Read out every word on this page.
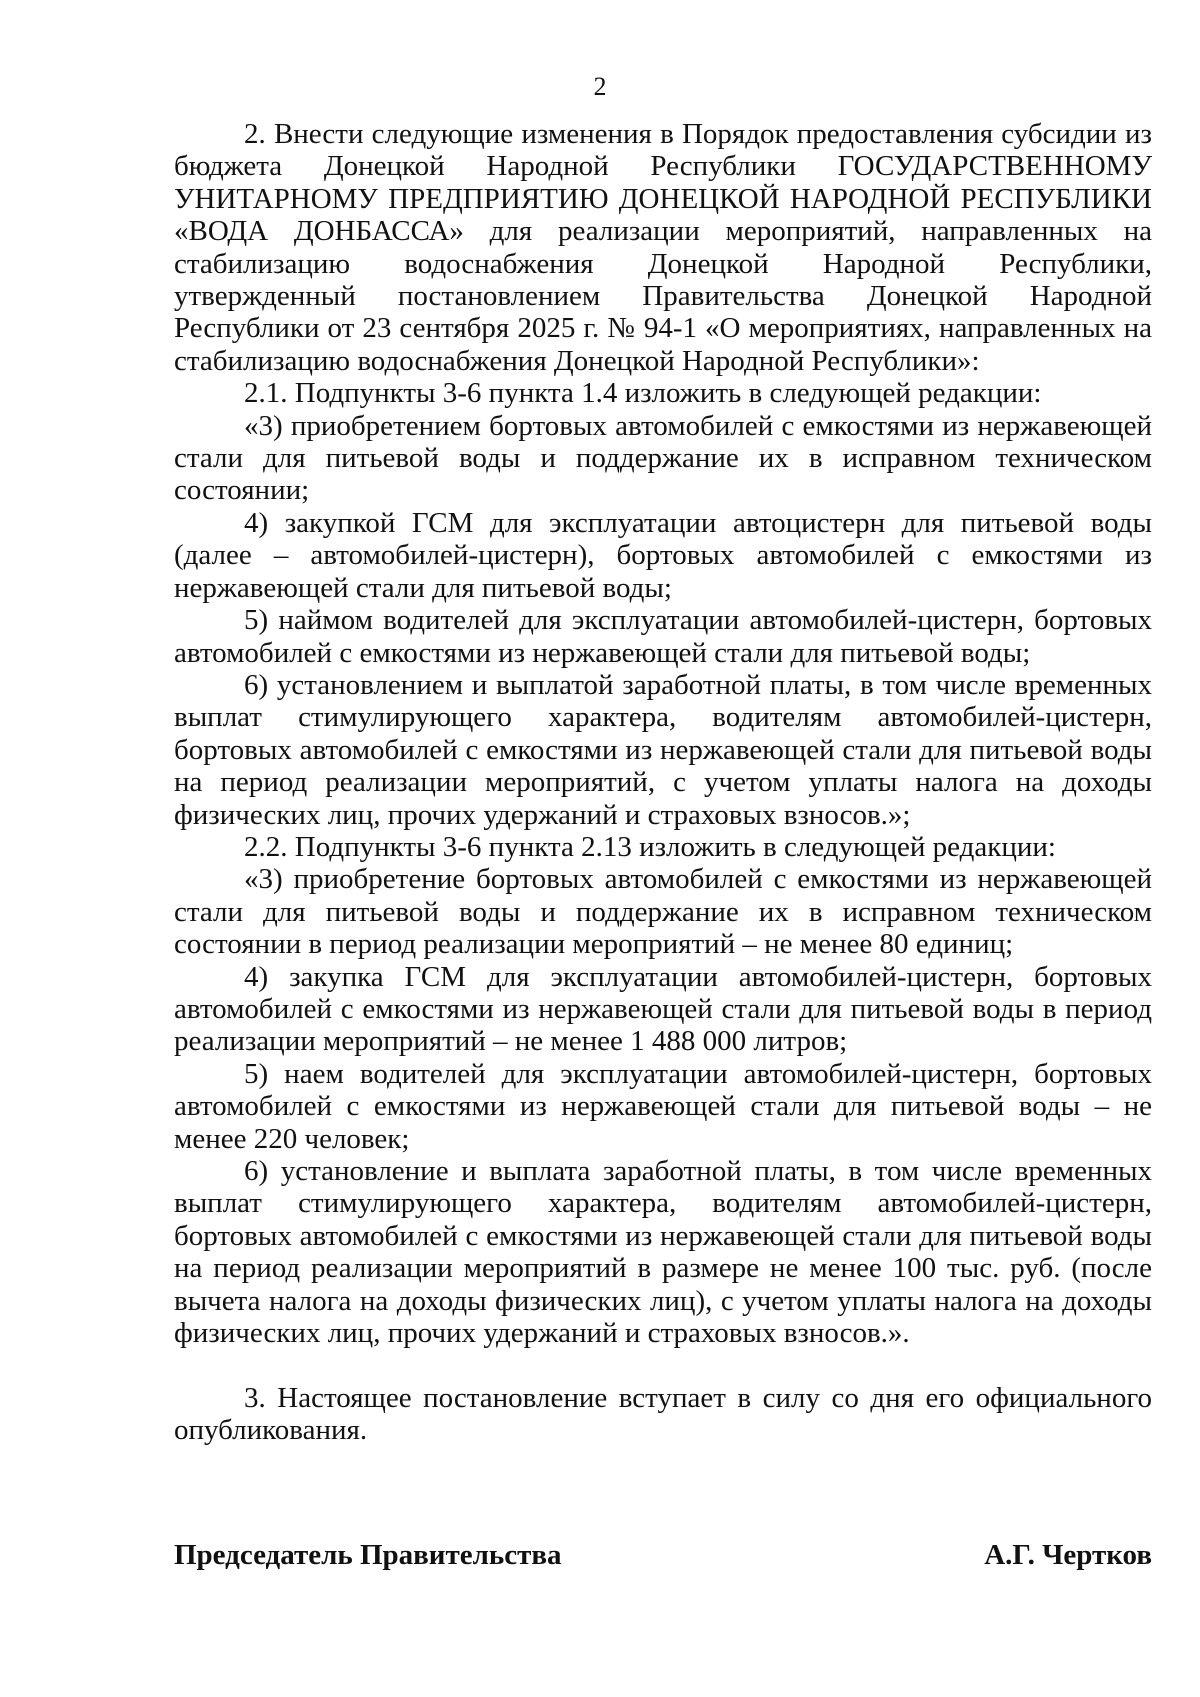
2

2. Внести следующие изменения в Порядок предоставления субсидии из бюджета Донецкой Народной Республики ГОСУДАРСТВЕННОМУ УНИТАРНОМУ ПРЕДПРИЯТИЮ ДОНЕЦКОЙ НАРОДНОЙ РЕСПУБЛИКИ «ВОДА ДОНБАССА» для реализации мероприятий, направленных на стабилизацию водоснабжения Донецкой Народной Республики, утвержденный постановлением Правительства Донецкой Народной Республики от 23 сентября 2025 г. № 94-1 «О мероприятиях, направленных на стабилизацию водоснабжения Донецкой Народной Республики»:

2.1. Подпункты 3-6 пункта 1.4 изложить в следующей редакции:

«3) приобретением бортовых автомобилей с емкостями из нержавеющей стали для питьевой воды и поддержание их в исправном техническом состоянии;

4) закупкой ГСМ для эксплуатации автоцистерн для питьевой воды (далее – автомобилей-цистерн), бортовых автомобилей с емкостями из нержавеющей стали для питьевой воды;

5) наймом водителей для эксплуатации автомобилей-цистерн, бортовых автомобилей с емкостями из нержавеющей стали для питьевой воды;

6) установлением и выплатой заработной платы, в том числе временных выплат стимулирующего характера, водителям автомобилей-цистерн, бортовых автомобилей с емкостями из нержавеющей стали для питьевой воды на период реализации мероприятий, с учетом уплаты налога на доходы физических лиц, прочих удержаний и страховых взносов.»;

2.2. Подпункты 3-6 пункта 2.13 изложить в следующей редакции:

«3) приобретение бортовых автомобилей с емкостями из нержавеющей стали для питьевой воды и поддержание их в исправном техническом состоянии в период реализации мероприятий – не менее 80 единиц;

4) закупка ГСМ для эксплуатации автомобилей-цистерн, бортовых автомобилей с емкостями из нержавеющей стали для питьевой воды в период реализации мероприятий – не менее 1 488 000 литров;

5) наем водителей для эксплуатации автомобилей-цистерн, бортовых автомобилей с емкостями из нержавеющей стали для питьевой воды – не менее 220 человек;

6) установление и выплата заработной платы, в том числе временных выплат стимулирующего характера, водителям автомобилей-цистерн, бортовых автомобилей с емкостями из нержавеющей стали для питьевой воды на период реализации мероприятий в размере не менее 100 тыс. руб. (после вычета налога на доходы физических лиц), с учетом уплаты налога на доходы физических лиц, прочих удержаний и страховых взносов.».

3. Настоящее постановление вступает в силу со дня его официального опубликования.

Председатель Правительства	А.Г. Чертков
